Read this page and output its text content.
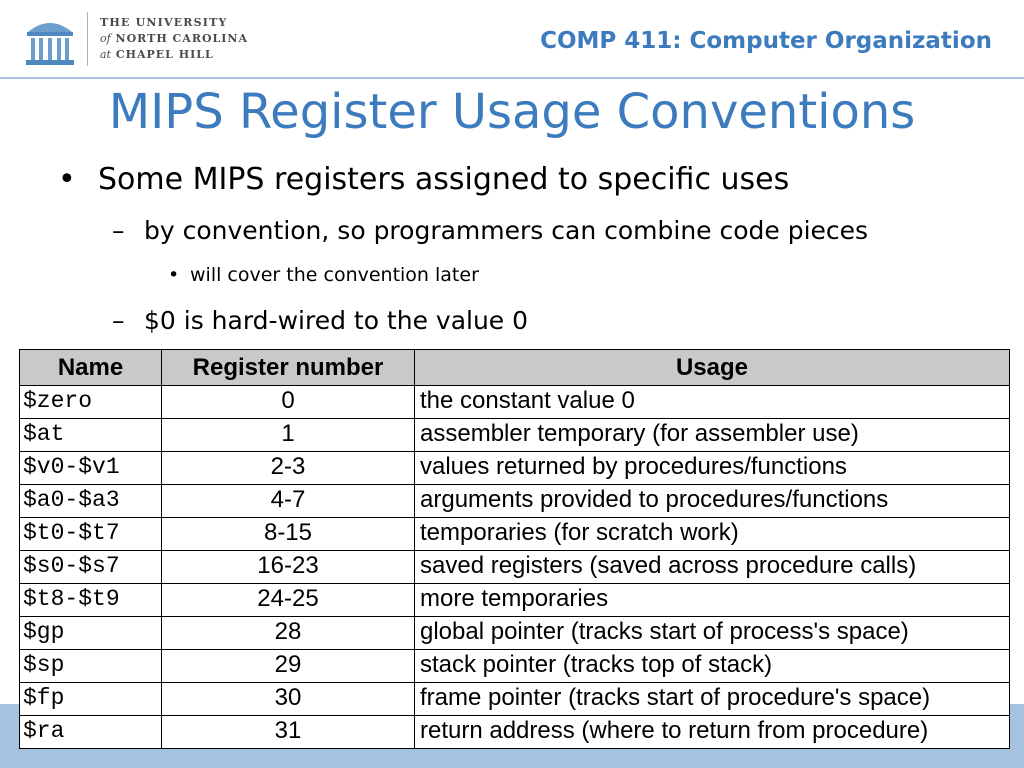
THE UNIVERSITY
of NORTH CAROLINA
at CHAPEL HILL
COMP 411: Computer Organization
MIPS Register Usage Conventions
• Some MIPS registers assigned to specific uses
– by convention, so programmers can combine code pieces
• will cover the convention later
– $0 is hard-wired to the value 0
Name	Register number	Usage
$zero	0	the constant value 0
$at	1	assembler temporary (for assembler use)
$v0-$v1	2-3	values returned by procedures/functions
$a0-$a3	4-7	arguments provided to procedures/functions
$t0-$t7	8-15	temporaries (for scratch work)
$s0-$s7	16-23	saved registers (saved across procedure calls)
$t8-$t9	24-25	more temporaries
$gp	28	global pointer (tracks start of process's space)
$sp	29	stack pointer (tracks top of stack)
$fp	30	frame pointer (tracks start of procedure's space)
$ra	31	return address (where to return from procedure)
